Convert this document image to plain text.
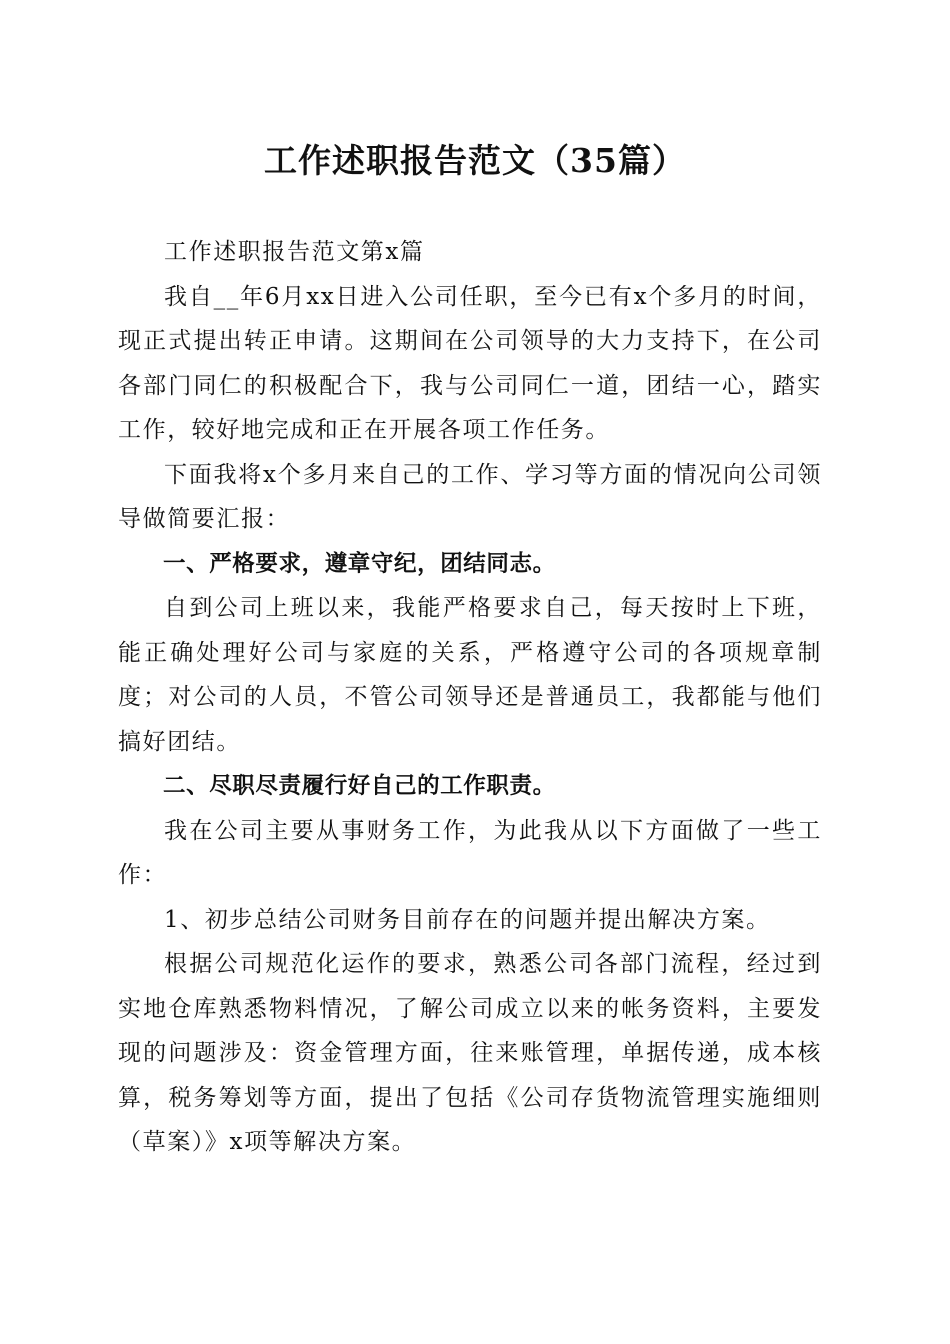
工作述职报告范文（35篇）

工作述职报告范文第x篇

我自__年6月xx日进入公司任职，至今已有x个多月的时间，现正式提出转正申请。这期间在公司领导的大力支持下，在公司各部门同仁的积极配合下，我与公司同仁一道，团结一心，踏实工作，较好地完成和正在开展各项工作任务。

下面我将x个多月来自己的工作、学习等方面的情况向公司领导做简要汇报：

一、严格要求，遵章守纪，团结同志。

自到公司上班以来，我能严格要求自己，每天按时上下班，能正确处理好公司与家庭的关系，严格遵守公司的各项规章制度；对公司的人员，不管公司领导还是普通员工，我都能与他们搞好团结。

二、尽职尽责履行好自己的工作职责。

我在公司主要从事财务工作，为此我从以下方面做了一些工作：

1、初步总结公司财务目前存在的问题并提出解决方案。

根据公司规范化运作的要求，熟悉公司各部门流程，经过到实地仓库熟悉物料情况，了解公司成立以来的帐务资料，主要发现的问题涉及：资金管理方面，往来账管理，单据传递，成本核算，税务筹划等方面，提出了包括《公司存货物流管理实施细则（草案）》x项等解决方案。
